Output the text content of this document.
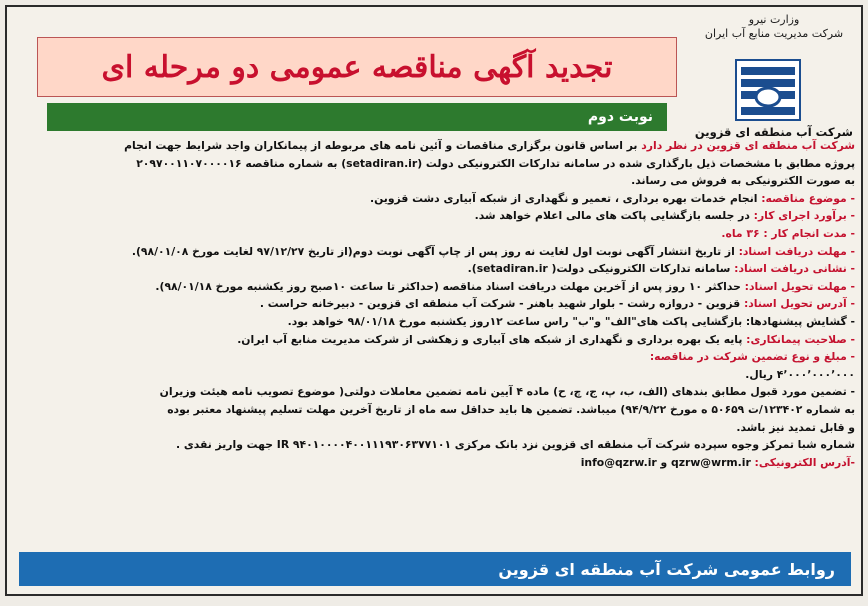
وزارت نیرو
شرکت مدیریت منابع آب ایران
شرکت آب منطقه ای قزوین
تجدید آگهی مناقصه عمومی دو مرحله ای
نوبت دوم

شرکت آب منطقه ای قزوین در نظر دارد بر اساس قانون برگزاری مناقصات و آئین نامه های مربوطه از پیمانکاران واجد شرایط جهت انجام

پروژه مطابق با مشخصات ذیل بارگذاری شده در سامانه تدارکات الکترونیکی دولت (setadiran.ir) به شماره مناقصه ۲۰۹۷۰۰۱۱۰۷۰۰۰۰۱۶

به صورت الکترونیکی به فروش می رساند.

- موضوع مناقصه: انجام خدمات بهره برداری ، تعمیر و نگهداری از شبکه آبیاری دشت قزوین.

- برآورد اجرای کار: در جلسه بازگشایی پاکت های مالی اعلام خواهد شد.

- مدت انجام کار : ۳۶ ماه.

- مهلت دریافت اسناد: از تاریخ انتشار آگهی نوبت اول لغایت نه روز پس از چاپ آگهی نوبت دوم(از تاریخ ۹۷/۱۲/۲۷ لغایت مورخ ۹۸/۰۱/۰۸).

- نشانی دریافت اسناد: سامانه تدارکات الکترونیکی دولت( setadiran.ir).

- مهلت تحویل اسناد: حداکثر ۱۰ روز پس از آخرین مهلت دریافت اسناد مناقصه (حداکثر تا ساعت ۱۰صبح روز یکشنبه مورخ ۹۸/۰۱/۱۸).

- آدرس تحویل اسناد: قزوین - دروازه رشت - بلوار شهید باهنر - شرکت آب منطقه ای قزوین - دبیرخانه حراست .

- گشایش پیشنهادها: بازگشایی پاکت های"الف" و"ب" راس ساعت ۱۲روز یکشنبه مورخ ۹۸/۰۱/۱۸ خواهد بود.

- صلاحیت پیمانکاری: پایه یک بهره برداری و نگهداری از شبکه های آبیاری و زهکشی از شرکت مدیریت منابع آب ایران.

- مبلغ و نوع تضمین شرکت در مناقصه:

۴٬۰۰۰٬۰۰۰٬۰۰۰ ریال.

- تضمین مورد قبول مطابق بندهای (الف، ب، پ، ج، چ، ح) ماده ۴ آیین نامه تضمین معاملات دولتی( موضوع تصویب نامه هیئت وزیران

به شماره ۱۲۳۴۰۲/ت ۵۰۶۵۹ ه مورخ ۹۴/۹/۲۲) میباشد. تضمین ها باید حداقل سه ماه از تاریخ آخرین مهلت تسلیم پیشنهاد معتبر بوده

و قابل تمدید نیز باشد.

شماره شبا تمرکز وجوه سپرده شرکت آب منطقه ای قزوین نزد بانک مرکزی IR ۹۴۰۱۰۰۰۰۴۰۰۱۱۱۹۳۰۶۳۷۷۱۰۱ جهت واریز نقدی .

-آدرس الکترونیکی: qzrw@wrm.ir و info@qzrw.ir

روابط عمومی شرکت آب منطقه ای قزوین
